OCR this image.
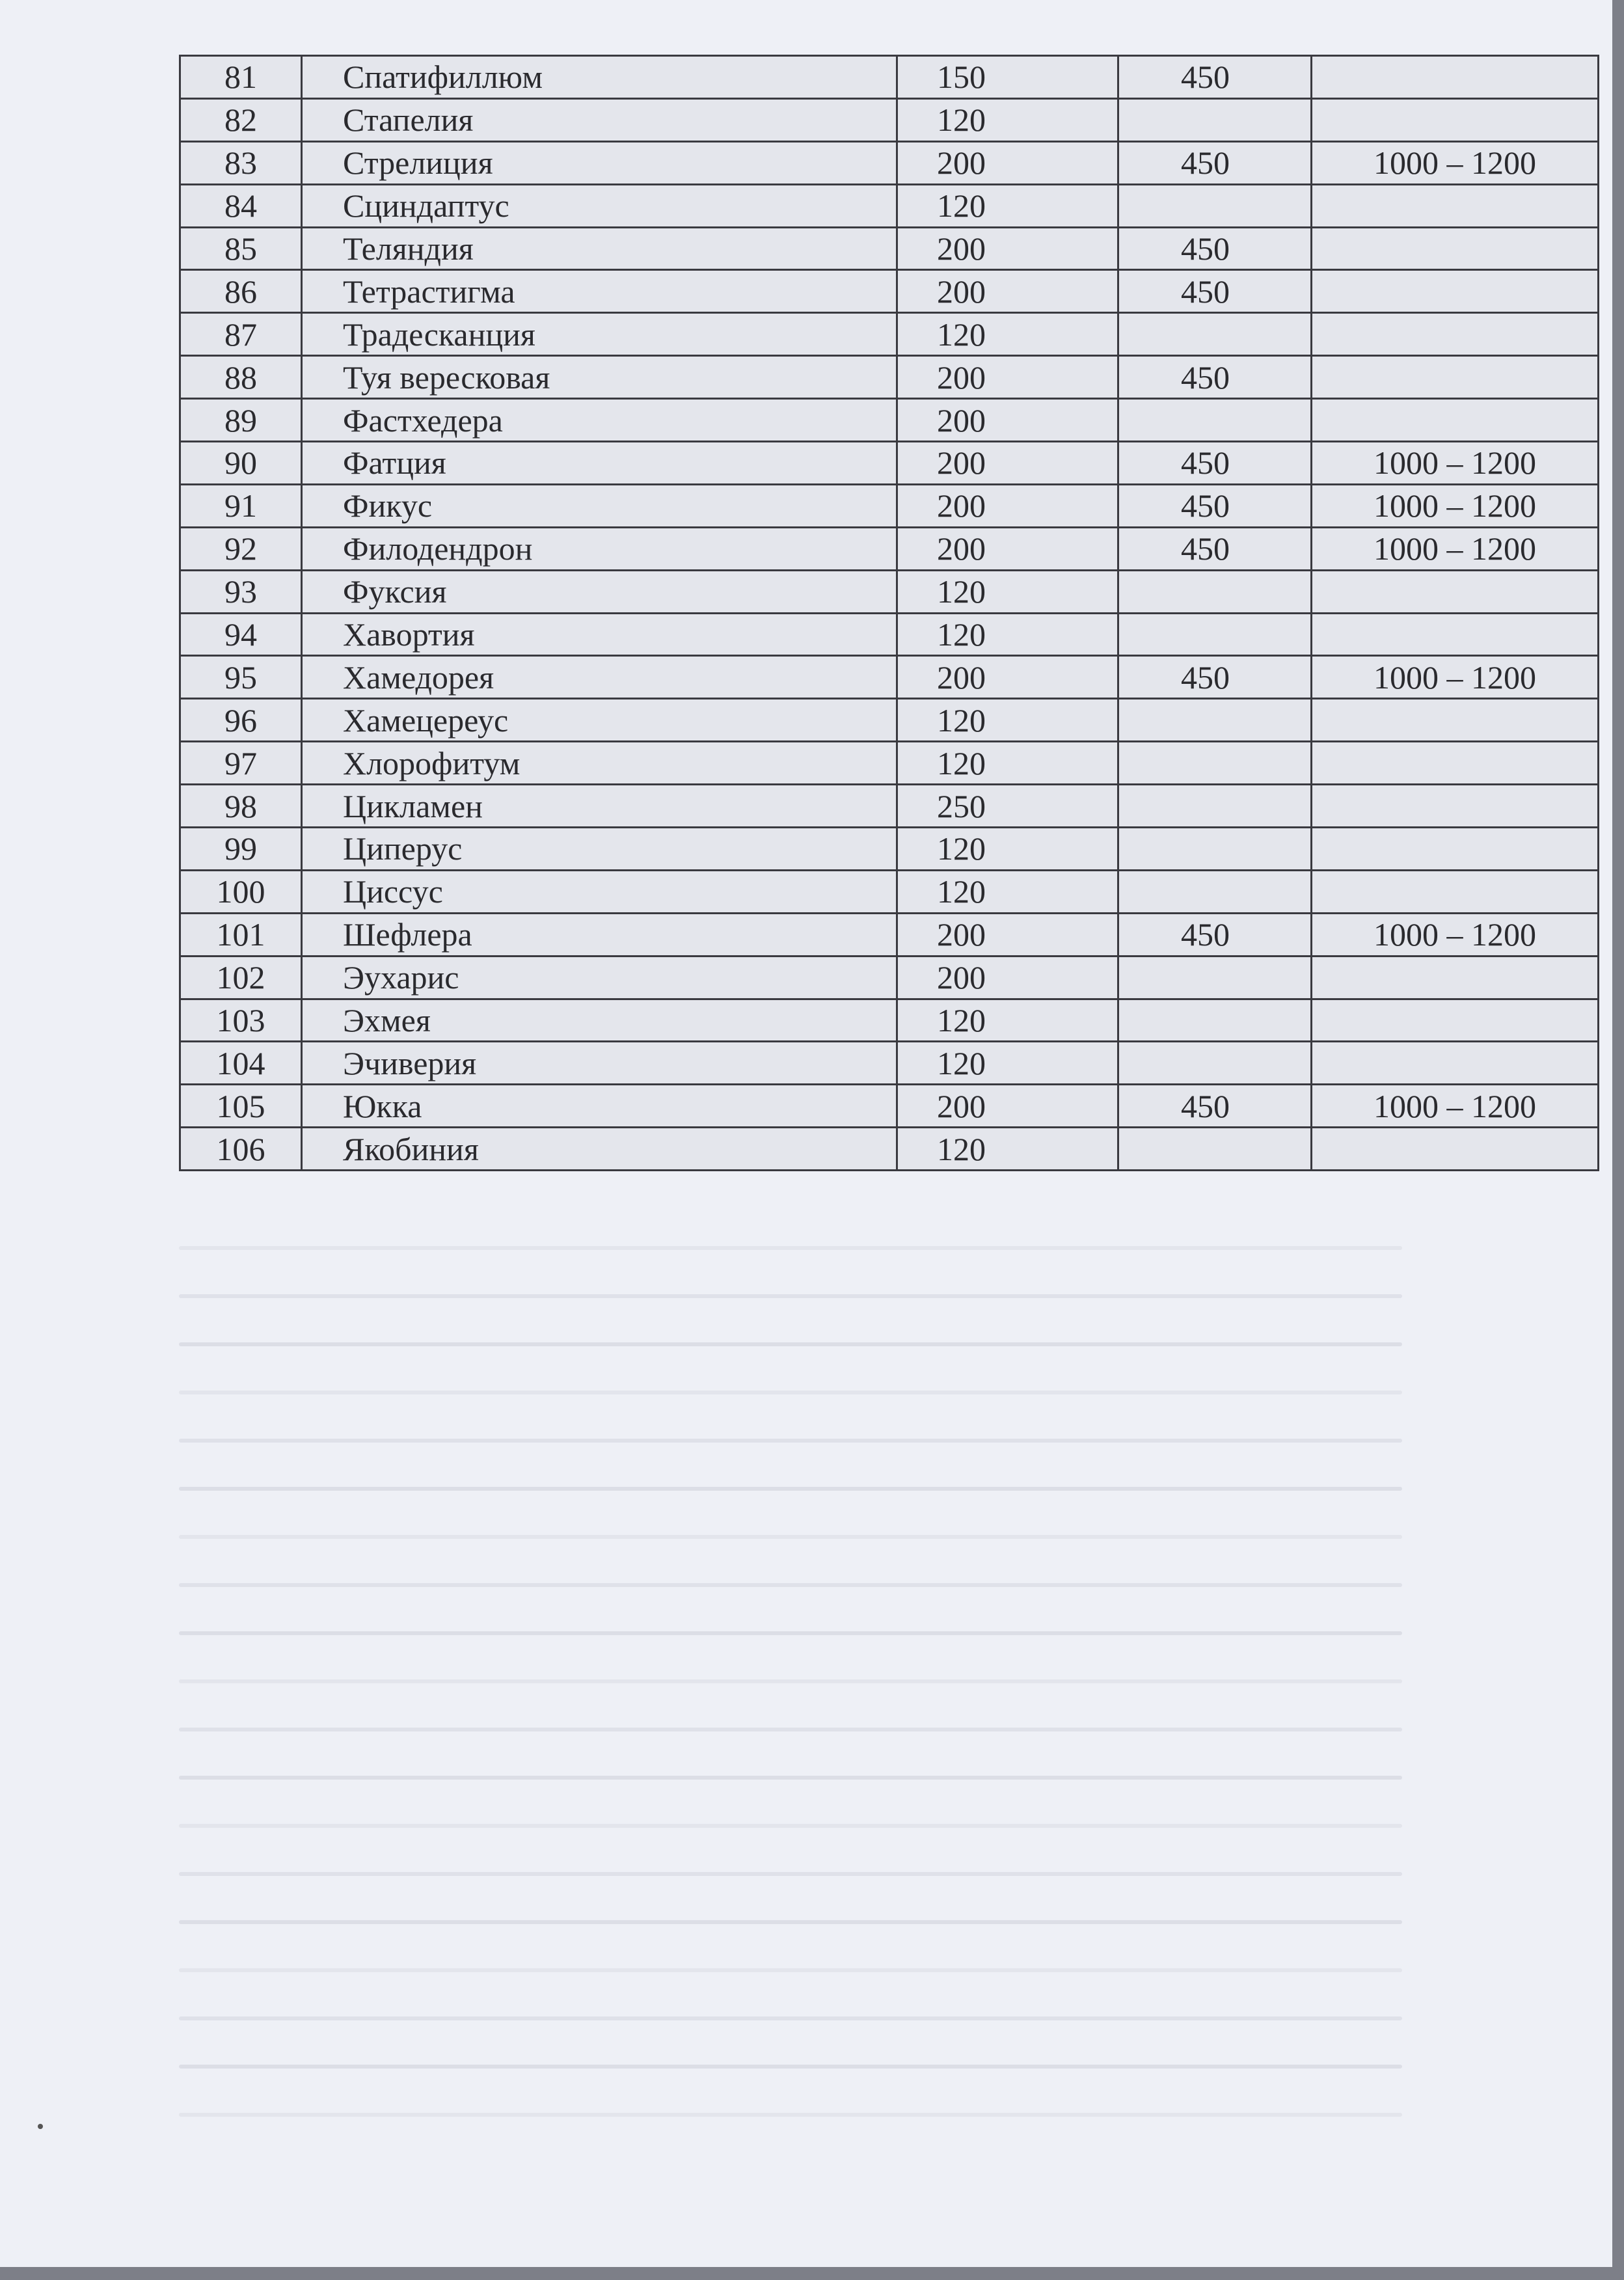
81	Спатифиллюм	150	450	
82	Стапелия	120		
83	Стрелиция	200	450	1000 – 1200
84	Сциндаптус	120		
85	Теляндия	200	450	
86	Тетрастигма	200	450	
87	Традесканция	120		
88	Туя вересковая	200	450	
89	Фастхедера	200		
90	Фатция	200	450	1000 – 1200
91	Фикус	200	450	1000 – 1200
92	Филодендрон	200	450	1000 – 1200
93	Фуксия	120		
94	Хавортия	120		
95	Хамедорея	200	450	1000 – 1200
96	Хамецереус	120		
97	Хлорофитум	120		
98	Цикламен	250		
99	Циперус	120		
100	Циссус	120		
101	Шефлера	200	450	1000 – 1200
102	Эухарис	200		
103	Эхмея	120		
104	Эчиверия	120		
105	Юкка	200	450	1000 – 1200
106	Якобиния	120		
